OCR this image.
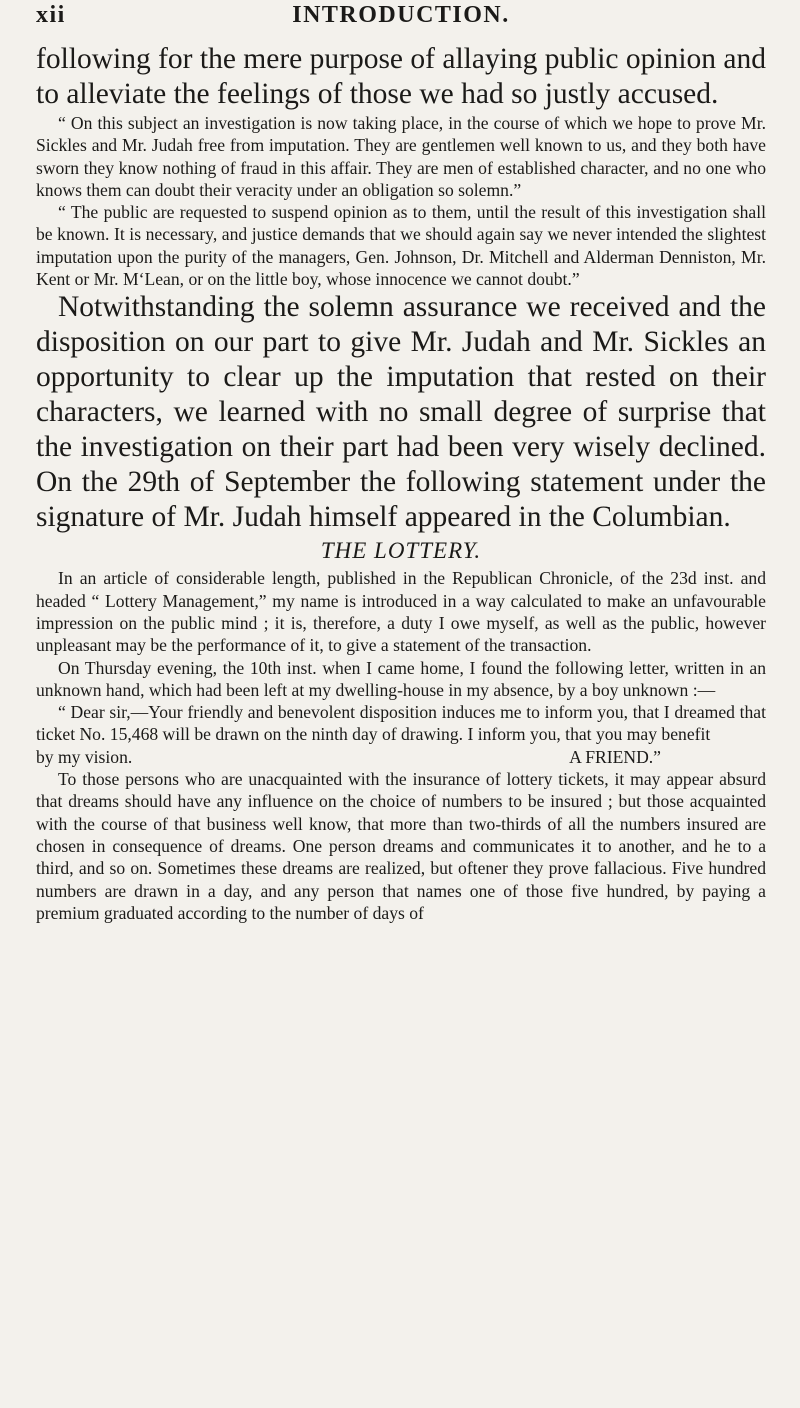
xii	INTRODUCTION.

following for the mere purpose of allaying public opinion and to alleviate the feelings of those we had so justly accused.

“ On this subject an investigation is now taking place, in the course of which we hope to prove Mr. Sickles and Mr. Judah free from imputation. They are gentlemen well known to us, and they both have sworn they know nothing of fraud in this affair. They are men of established character, and no one who knows them can doubt their veracity under an obligation so solemn.”

“ The public are requested to suspend opinion as to them, until the result of this investigation shall be known. It is necessary, and justice demands that we should again say we never intended the slightest imputation upon the purity of the managers, Gen. Johnson, Dr. Mitchell and Alderman Denniston, Mr. Kent or Mr. M‘Lean, or on the little boy, whose innocence we cannot doubt.”

Notwithstanding the solemn assurance we received and the disposition on our part to give Mr. Judah and Mr. Sickles an opportunity to clear up the imputation that rested on their characters, we learned with no small degree of surprise that the investigation on their part had been very wisely declined. On the 29th of September the following statement under the signature of Mr. Judah himself appeared in the Columbian.

THE LOTTERY.

In an article of considerable length, published in the Republican Chronicle, of the 23d inst. and headed “ Lottery Management,” my name is introduced in a way calculated to make an unfavourable impression on the public mind ; it is, therefore, a duty I owe myself, as well as the public, however unpleasant may be the performance of it, to give a statement of the transaction.

On Thursday evening, the 10th inst. when I came home, I found the following letter, written in an unknown hand, which had been left at my dwelling-house in my absence, by a boy unknown :—

“ Dear sir,—Your friendly and benevolent disposition induces me to inform you, that I dreamed that ticket No. 15,468 will be drawn on the ninth day of drawing. I inform you, that you may benefit

by my vision.	A FRIEND.”

To those persons who are unacquainted with the insurance of lottery tickets, it may appear absurd that dreams should have any influence on the choice of numbers to be insured ; but those acquainted with the course of that business well know, that more than two-thirds of all the numbers insured are chosen in consequence of dreams. One person dreams and communicates it to another, and he to a third, and so on. Sometimes these dreams are realized, but oftener they prove fallacious. Five hundred numbers are drawn in a day, and any person that names one of those five hundred, by paying a premium graduated according to the number of days of
